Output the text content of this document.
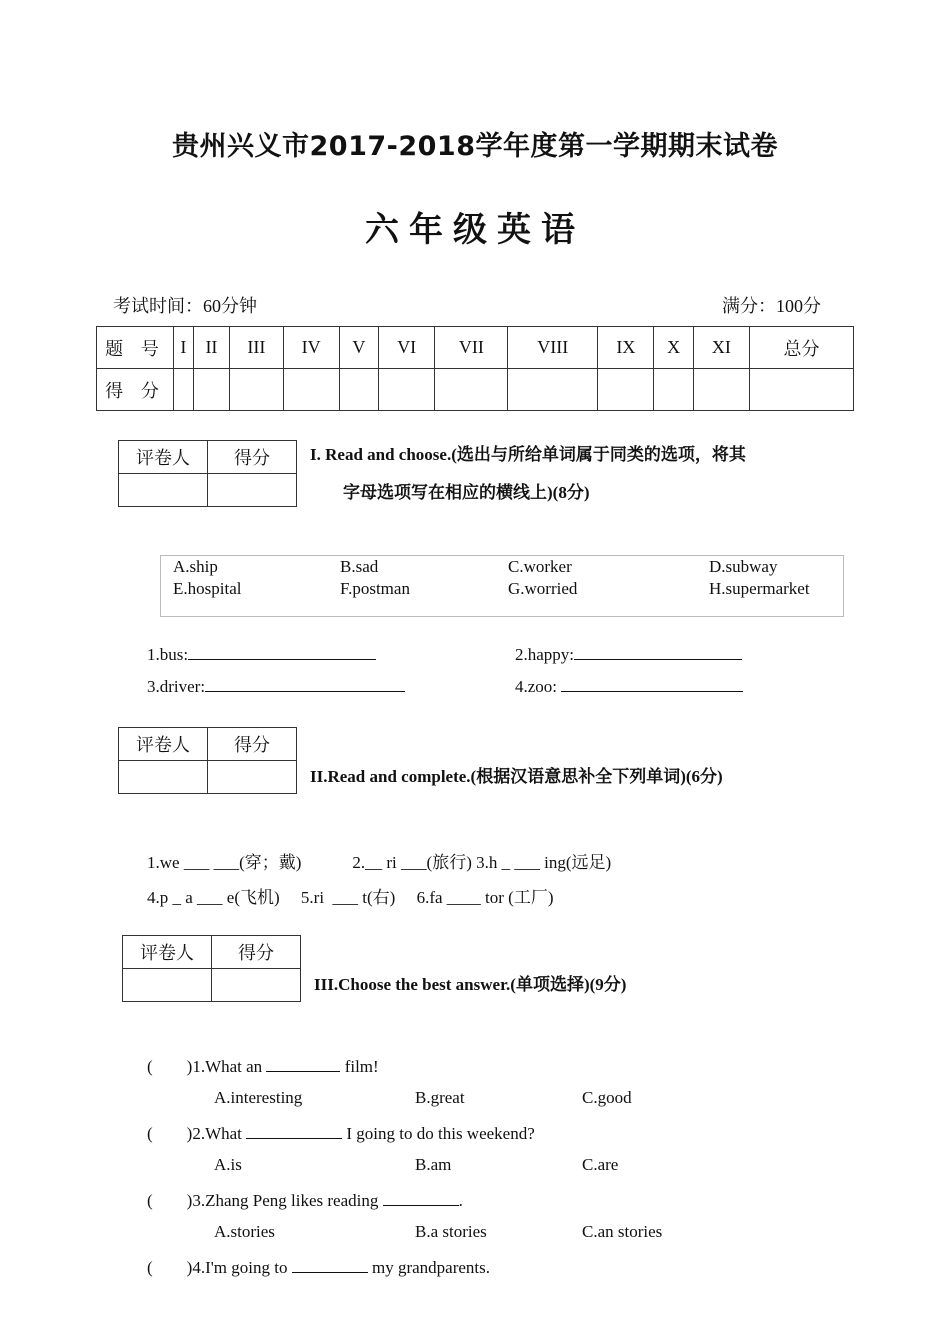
贵州兴义市2017-2018学年度第一学期期末试卷
六年级英语
考试时间：60分钟	满分：100分
题 号	I	II	III	IV	V	VI	VII	VIII	IX	X	XI	总分
得 分												
评卷人	得分
	I. Read and choose.(选出与所给单词属于同类的选项，将其
字母选项写在相应的横线上)(8分)
A.ship	B.sad	C.worker	D.subway
E.hospital	F.postman	G.worried	H.supermarket
1.bus:	2.happy:
3.driver:	4.zoo:
评卷人	得分

II.Read and complete.(根据汉语意思补全下列单词)(6分)
1.we ___ ___(穿；戴)            2.__ ri ___(旅行) 3.h _ ___ ing(远足)
4.p _ a ___ e(飞机)     5.ri  ___ t(右)     6.fa ____ tor (工厂)
评卷人	得分

III.Choose the best answer.(单项选择)(9分)
(        )1.What an	film!
A.interesting	B.great	C.good
(        )2.What	I going to do this weekend?
A.is	B.am	C.are
(        )3.Zhang Peng likes reading	.
A.stories	B.a stories	C.an stories
(        )4.I'm going to	my grandparents.
